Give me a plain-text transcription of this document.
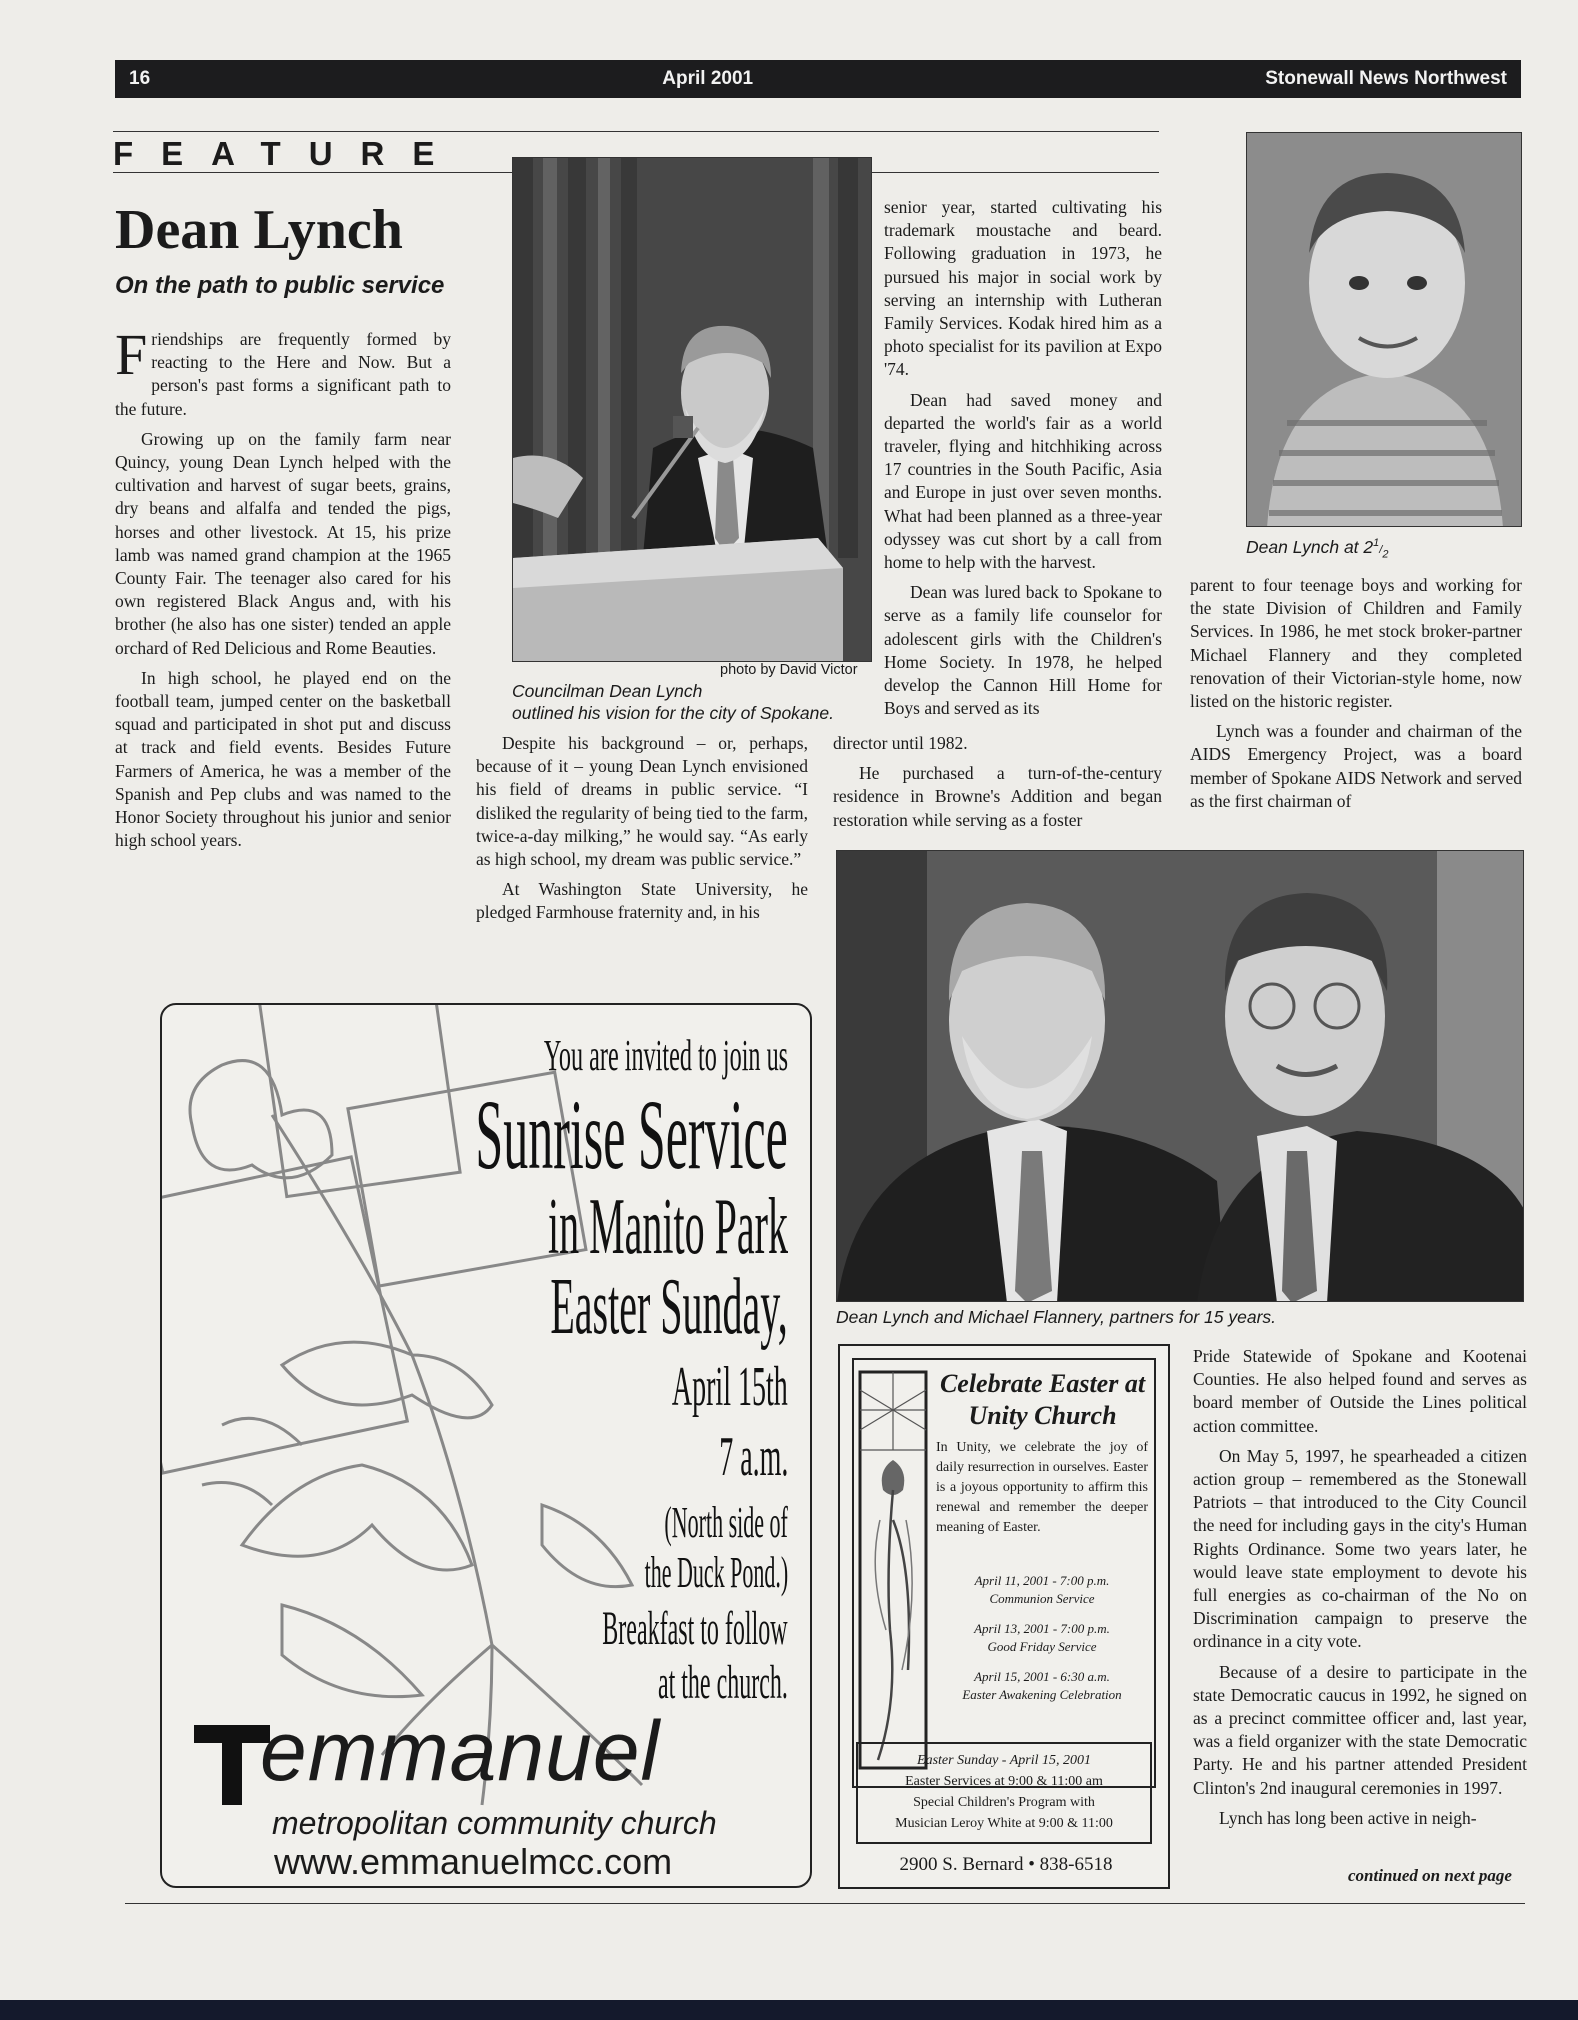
16	April 2001	Stonewall News Northwest
FEATURE
Dean Lynch
On the path to public service

Friendships are frequently formed by reacting to the Here and Now. But a person's past forms a significant path to the future.

Growing up on the family farm near Quincy, young Dean Lynch helped with the cultivation and harvest of sugar beets, grains, dry beans and alfalfa and tended the pigs, horses and other livestock. At 15, his prize lamb was named grand champion at the 1965 County Fair. The teenager also cared for his own registered Black Angus and, with his brother (he also has one sister) tended an apple orchard of Red Delicious and Rome Beauties.

In high school, he played end on the football team, jumped center on the basketball squad and participated in shot put and discuss at track and field events. Besides Future Farmers of America, he was a member of the Spanish and Pep clubs and was named to the Honor Society throughout his junior and senior high school years.

photo by David Victor
Councilman Dean Lynch
outlined his vision for the city of Spokane.

Despite his background – or, perhaps, because of it – young Dean Lynch envisioned his field of dreams in public service. “I disliked the regularity of being tied to the farm, twice-a-day milking,” he would say. “As early as high school, my dream was public service.”

At Washington State University, he pledged Farmhouse fraternity and, in his

senior year, started cultivating his trademark moustache and beard. Following graduation in 1973, he pursued his major in social work by serving an internship with Lutheran Family Services. Kodak hired him as a photo specialist for its pavilion at Expo '74.

Dean had saved money and departed the world's fair as a world traveler, flying and hitchhiking across 17 countries in the South Pacific, Asia and Europe in just over seven months. What had been planned as a three-year odyssey was cut short by a call from home to help with the harvest.

Dean was lured back to Spokane to serve as a family life counselor for adolescent girls with the Children's Home Society. In 1978, he helped develop the Cannon Hill Home for Boys and served as its

director until 1982.

He purchased a turn-of-the-century residence in Browne's Addition and began restoration while serving as a foster

Dean Lynch at $2^1/_2$

parent to four teenage boys and working for the state Division of Children and Family Services. In 1986, he met stock broker-partner Michael Flannery and they completed renovation of their Victorian-style home, now listed on the historic register.

Lynch was a founder and chairman of the AIDS Emergency Project, was a board member of Spokane AIDS Network and served as the first chairman of

Dean Lynch and Michael Flannery, partners for 15 years.

Pride Statewide of Spokane and Kootenai Counties. He also helped found and serves as board member of Outside the Lines political action committee.

On May 5, 1997, he spearheaded a citizen action group – remembered as the Stonewall Patriots – that introduced to the City Council the need for including gays in the city's Human Rights Ordinance. Some two years later, he would leave state employment to devote his full energies as co-chairman of the No on Discrimination campaign to preserve the ordinance in a city vote.

Because of a desire to participate in the state Democratic caucus in 1992, he signed on as a precinct committee officer and, last year, was a field organizer with the state Democratic Party. He and his partner attended President Clinton's 2nd inaugural ceremonies in 1997.

Lynch has long been active in neigh-

continued on next page
You are invited to join us
Sunrise Service
in Manito Park
Easter Sunday,
April 15th
7 a.m.
(North side of
the Duck Pond.)
Breakfast to follow
at the church.
emmanuel
metropolitan community church
www.emmanuelmcc.com
Celebrate Easter at
Unity Church
In Unity, we celebrate the joy of daily resurrection in ourselves. Easter is a joyous opportunity to affirm this renewal and remember the deeper meaning of Easter.
April 11, 2001 - 7:00 p.m.
Communion Service
April 13, 2001 - 7:00 p.m.
Good Friday Service
April 15, 2001 - 6:30 a.m.
Easter Awakening Celebration
Easter Sunday - April 15, 2001
Easter Services at 9:00 & 11:00 am
Special Children's Program with
Musician Leroy White at 9:00 & 11:00
2900 S. Bernard • 838-6518
